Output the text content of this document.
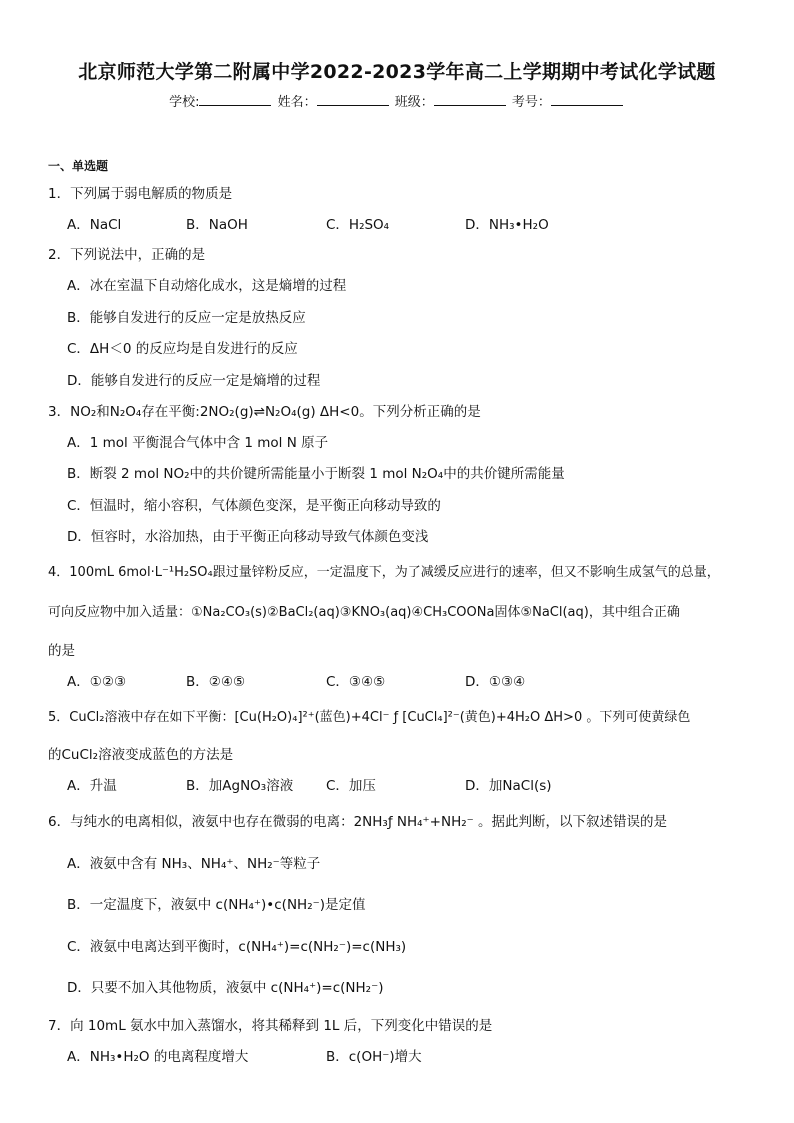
北京师范大学第二附属中学2022-2023学年高二上学期期中考试化学试题
学校:	姓名：	班级：	考号：
一、单选题
1．下列属于弱电解质的物质是
A．NaCl	B．NaOH	C．H₂SO₄	D．NH₃•H₂O
2．下列说法中，正确的是
A．冰在室温下自动熔化成水，这是熵增的过程
B．能够自发进行的反应一定是放热反应
C．ΔH＜0 的反应均是自发进行的反应
D．能够自发进行的反应一定是熵增的过程
3．NO₂和N₂O₄存在平衡:2NO₂(g)⇌N₂O₄(g) ΔH<0。下列分析正确的是
A．1 mol 平衡混合气体中含 1 mol N 原子
B．断裂 2 mol NO₂中的共价键所需能量小于断裂 1 mol N₂O₄中的共价键所需能量
C．恒温时，缩小容积，气体颜色变深，是平衡正向移动导致的
D．恒容时，水浴加热，由于平衡正向移动导致气体颜色变浅
4．100mL 6mol·L⁻¹H₂SO₄跟过量锌粉反应，一定温度下，为了减缓反应进行的速率，但又不影响生成氢气的总量，
可向反应物中加入适量：①Na₂CO₃(s)②BaCl₂(aq)③KNO₃(aq)④CH₃COONa固体⑤NaCl(aq)，其中组合正确
的是
A．①②③	B．②④⑤	C．③④⑤	D．①③④
5．CuCl₂溶液中存在如下平衡：[Cu(H₂O)₄]²⁺(蓝色)+4Cl⁻ ƒ [CuCl₄]²⁻(黄色)+4H₂O ΔH>0 。下列可使黄绿色
的CuCl₂溶液变成蓝色的方法是
A．升温	B．加AgNO₃溶液 C．加压	D．加NaCl(s)
6．与纯水的电离相似，液氨中也存在微弱的电离：2NH₃ƒ NH₄⁺+NH₂⁻ 。据此判断，以下叙述错误的是
A．液氨中含有 NH₃、NH₄⁺、NH₂⁻等粒子
B．一定温度下，液氨中 c(NH₄⁺)•c(NH₂⁻)是定值
C．液氨中电离达到平衡时，c(NH₄⁺)=c(NH₂⁻)=c(NH₃)
D．只要不加入其他物质，液氨中 c(NH₄⁺)=c(NH₂⁻)
7．向 10mL 氨水中加入蒸馏水，将其稀释到 1L 后，下列变化中错误的是
A．NH₃•H₂O 的电离程度增大	B．c(OH⁻)增大
